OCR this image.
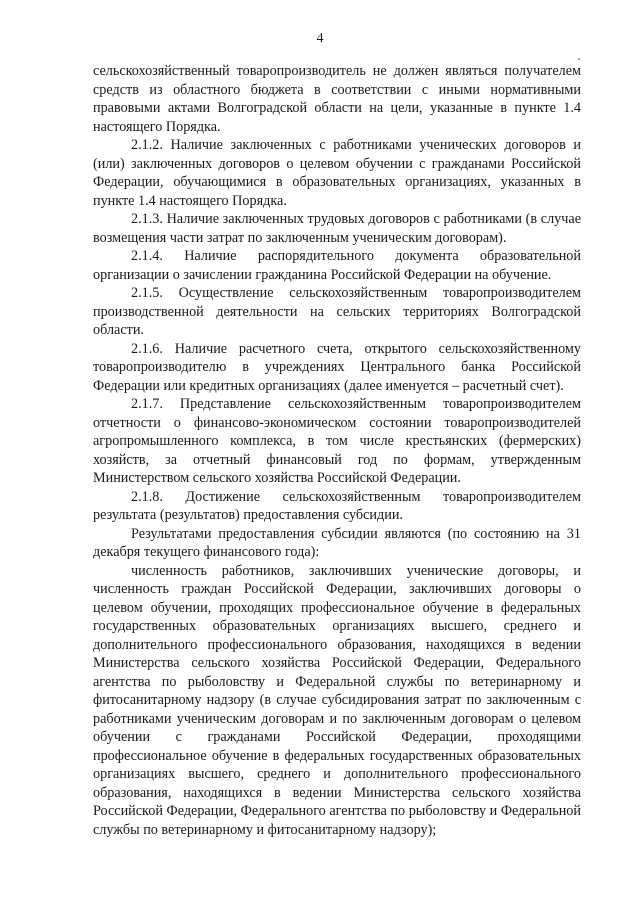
4

сельскохозяйственный товаропроизводитель не должен являться получателем средств из областного бюджета в соответствии с иными нормативными правовыми актами Волгоградской области на цели, указанные в пункте 1.4 настоящего Порядка.

2.1.2. Наличие заключенных с работниками ученических договоров и (или) заключенных договоров о целевом обучении с гражданами Российской Федерации, обучающимися в образовательных организациях, указанных в пункте 1.4 настоящего Порядка.

2.1.3. Наличие заключенных трудовых договоров с работниками (в случае возмещения части затрат по заключенным ученическим договорам).

2.1.4. Наличие распорядительного документа образовательной организации о зачислении гражданина Российской Федерации на обучение.

2.1.5. Осуществление сельскохозяйственным товаропроизводителем производственной деятельности на сельских территориях Волгоградской области.

2.1.6. Наличие расчетного счета, открытого сельскохозяйственному товаропроизводителю в учреждениях Центрального банка Российской Федерации или кредитных организациях (далее именуется – расчетный счет).

2.1.7. Представление сельскохозяйственным товаропроизводителем отчетности о финансово-экономическом состоянии товаропроизводителей агропромышленного комплекса, в том числе крестьянских (фермерских) хозяйств, за отчетный финансовый год по формам, утвержденным Министерством сельского хозяйства Российской Федерации.

2.1.8. Достижение сельскохозяйственным товаропроизводителем результата (результатов) предоставления субсидии.

Результатами предоставления субсидии являются (по состоянию на 31 декабря текущего финансового года):

численность работников, заключивших ученические договоры, и численность граждан Российской Федерации, заключивших договоры о целевом обучении, проходящих профессиональное обучение в федеральных государственных образовательных организациях высшего, среднего и дополнительного профессионального образования, находящихся в ведении Министерства сельского хозяйства Российской Федерации, Федерального агентства по рыболовству и Федеральной службы по ветеринарному и фитосанитарному надзору (в случае субсидирования затрат по заключенным с работниками ученическим договорам и по заключенным договорам о целевом обучении с гражданами Российской Федерации, проходящими профессиональное обучение в федеральных государственных образовательных организациях высшего, среднего и дополнительного профессионального образования, находящихся в ведении Министерства сельского хозяйства Российской Федерации, Федерального агентства по рыболовству и Федеральной службы по ветеринарному и фитосанитарному надзору);
